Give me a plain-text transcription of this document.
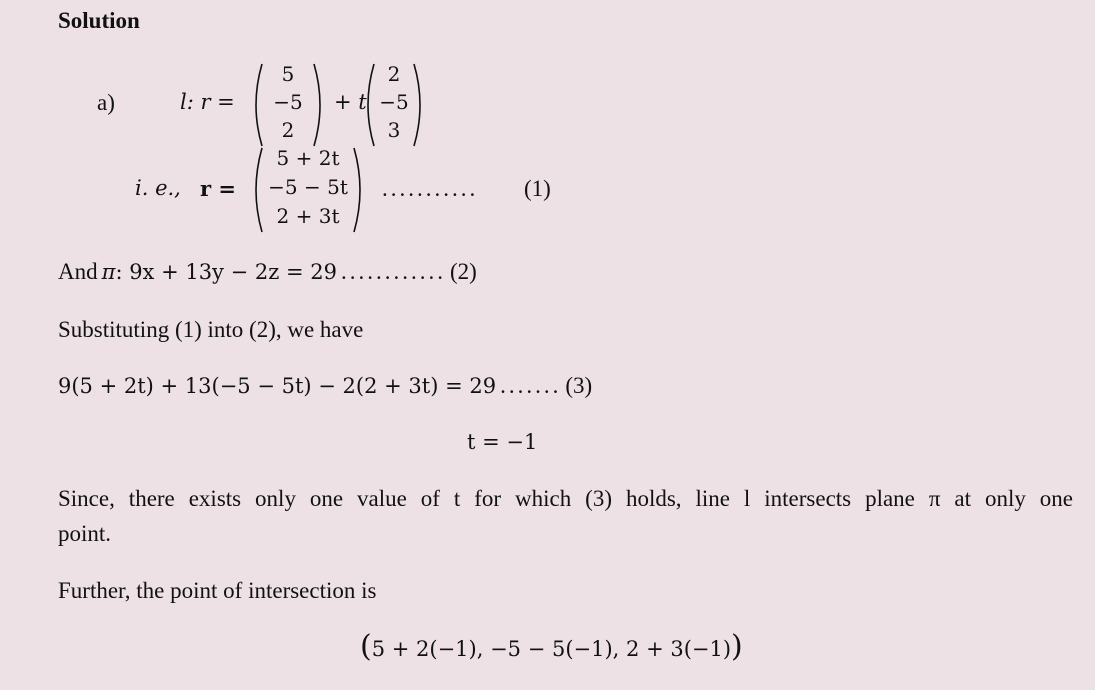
Solution
a)	l: r =
5
−5
2
+ t
2
−5
3
i. e., r =
5 + 2t
−5 − 5t
2 + 3t
........... (1)
And π: 9x + 13y − 2z = 29 ............ (2)
Substituting (1) into (2), we have
9(5 + 2t) + 13(−5 − 5t) − 2(2 + 3t) = 29 ....... (3)
t = −1
Since, there exists only one value of t for which (3) holds, line l intersects plane π at only one
point.
Further, the point of intersection is
(5 + 2(−1), −5 − 5(−1), 2 + 3(−1))
